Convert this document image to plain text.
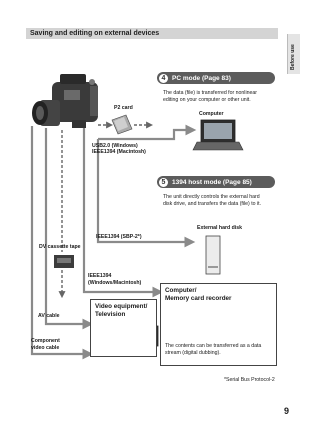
Saving and editing on external devices
Before use
4	PC mode (Page 83)
The data (file) is transferred for nonlinear
editing on your computer or other unit.
Computer
P2 card
USB2.0 (Windows)
IEEE1394 (Macintosh)
5	1394 host mode (Page 85)
The unit directly controls the external hard
disk drive, and transfers the data (file) to it.
External hard disk
IEEE1394 (SBP-2*)
DV cassette tape
IEEE1394
(Windows/Macintosh)
Computer/
Memory card recorder
The contents can be transferred as a data
stream (digital dubbing).
Video equipment/
Television
AV cable
Component
video cable
*Serial Bus Protocol-2
9
